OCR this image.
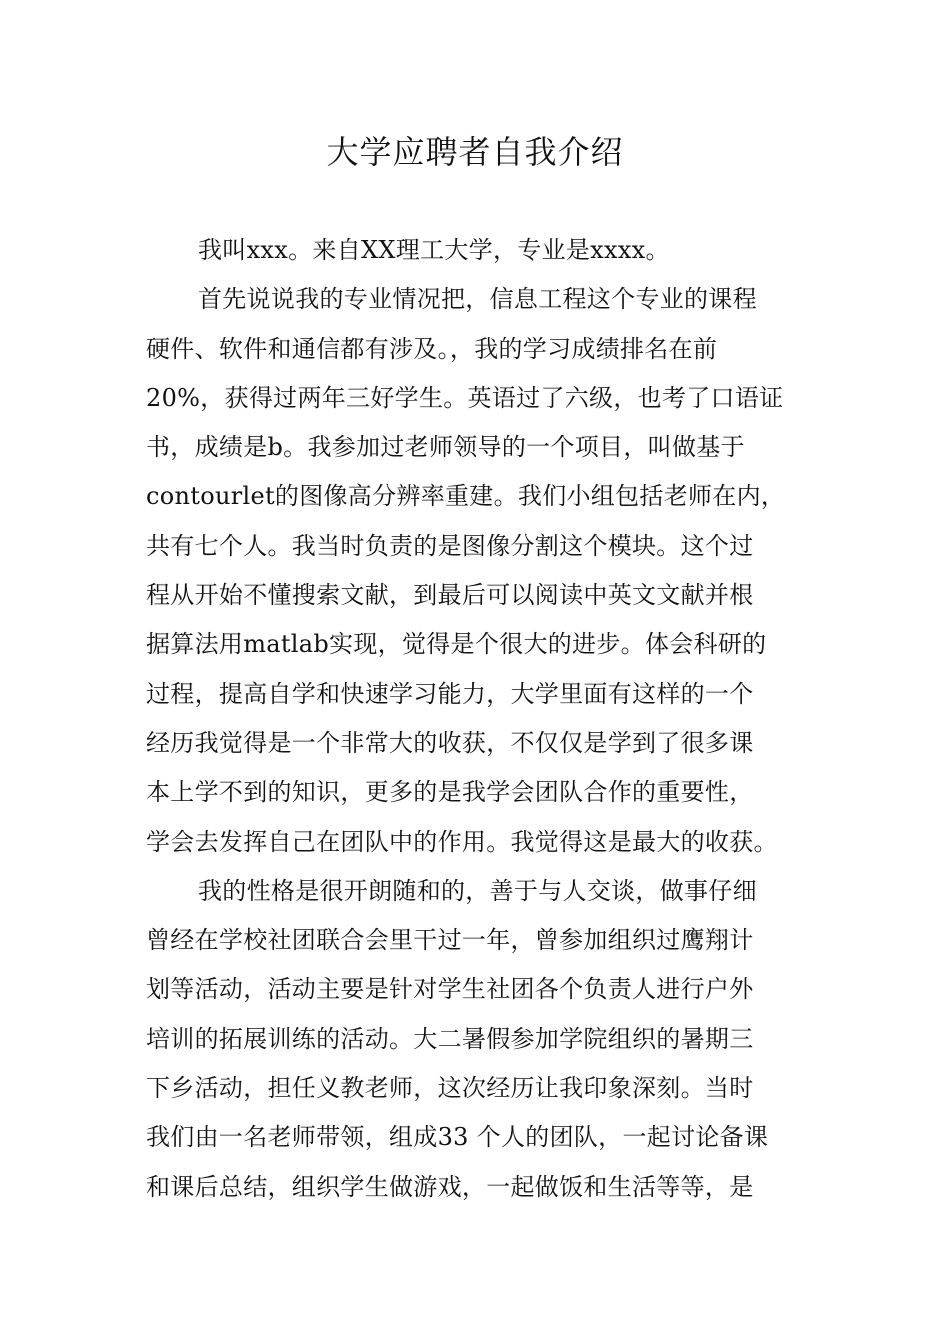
大学应聘者自我介绍
我叫xxx。来自XX理工大学，专业是xxxx。
首先说说我的专业情况把，信息工程这个专业的课程
硬件、软件和通信都有涉及。，我的学习成绩排名在前
20%，获得过两年三好学生。英语过了六级，也考了口语证
书，成绩是b。我参加过老师领导的一个项目，叫做基于
contourlet的图像高分辨率重建。我们小组包括老师在内，
共有七个人。我当时负责的是图像分割这个模块。这个过
程从开始不懂搜索文献，到最后可以阅读中英文文献并根
据算法用matlab实现，觉得是个很大的进步。体会科研的
过程，提高自学和快速学习能力，大学里面有这样的一个
经历我觉得是一个非常大的收获，不仅仅是学到了很多课
本上学不到的知识，更多的是我学会团队合作的重要性，
学会去发挥自己在团队中的作用。我觉得这是最大的收获。
我的性格是很开朗随和的，善于与人交谈，做事仔细
曾经在学校社团联合会里干过一年，曾参加组织过鹰翔计
划等活动，活动主要是针对学生社团各个负责人进行户外
培训的拓展训练的活动。大二暑假参加学院组织的暑期三
下乡活动，担任义教老师，这次经历让我印象深刻。当时
我们由一名老师带领，组成33 个人的团队，一起讨论备课
和课后总结，组织学生做游戏，一起做饭和生活等等，是
